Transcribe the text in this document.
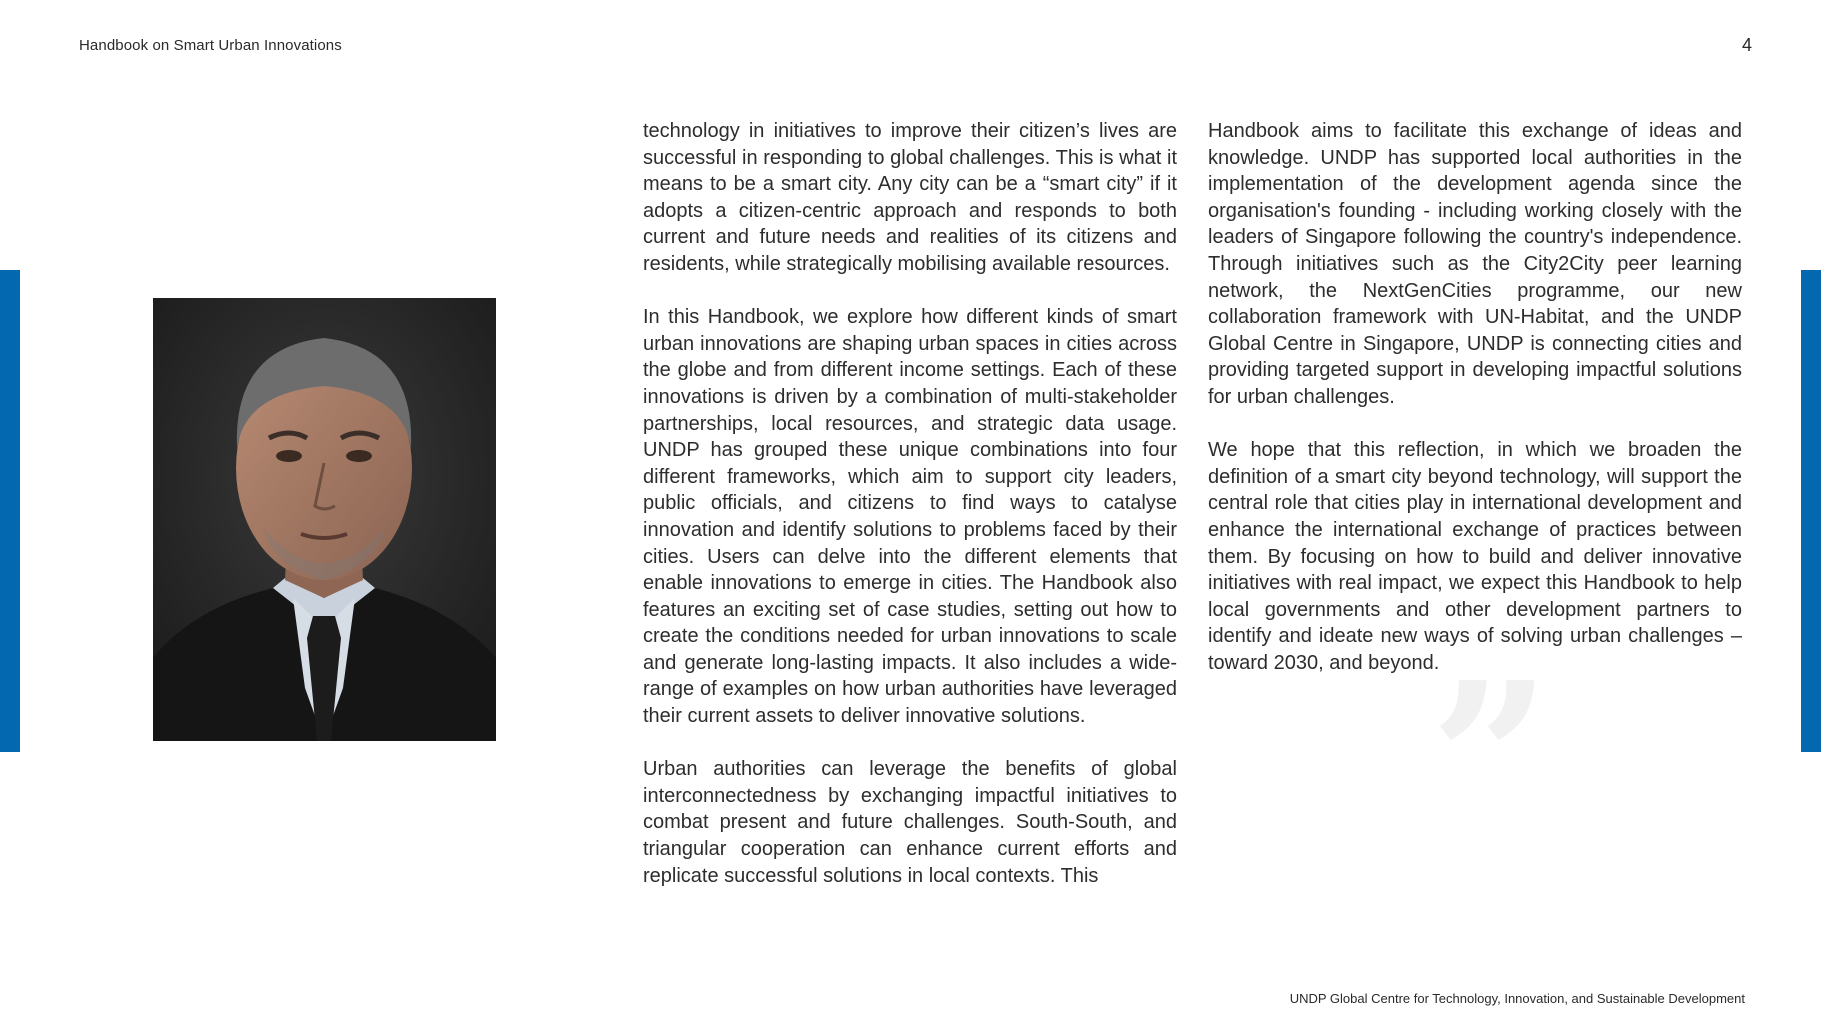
Handbook on Smart Urban Innovations	4

technology in initiatives to improve their citizen’s lives are successful in responding to global challenges. This is what it means to be a smart city. Any city can be a “smart city” if it adopts a citizen-centric approach and responds to both current and future needs and realities of its citizens and residents, while strategically mobilising available resources.

In this Handbook, we explore how different kinds of smart urban innovations are shaping urban spaces in cities across the globe and from different income settings. Each of these innovations is driven by a combination of multi-stakeholder partnerships, local resources, and strategic data usage. UNDP has grouped these unique combinations into four different frameworks, which aim to support city leaders, public officials, and citizens to find ways to catalyse innovation and identify solutions to problems faced by their cities. Users can delve into the different elements that enable innovations to emerge in cities. The Handbook also features an exciting set of case studies, setting out how to create the conditions needed for urban innovations to scale and generate long-lasting impacts. It also includes a wide-range of examples on how urban authorities have leveraged their current assets to deliver innovative solutions.

Urban authorities can leverage the benefits of global interconnectedness by exchanging impactful initiatives to combat present and future challenges. South-South, and triangular cooperation can enhance current efforts and replicate successful solutions in local contexts. This

Handbook aims to facilitate this exchange of ideas and knowledge. UNDP has supported local authorities in the implementation of the development agenda since the organisation's founding - including working closely with the leaders of Singapore following the country's independence. Through initiatives such as the City2City peer learning network, the NextGenCities programme, our new collaboration framework with UN-Habitat, and the UNDP Global Centre in Singapore, UNDP is connecting cities and providing targeted support in developing impactful solutions for urban challenges.

We hope that this reflection, in which we broaden the definition of a smart city beyond technology, will support the central role that cities play in international development and enhance the international exchange of practices between them. By focusing on how to build and deliver innovative initiatives with real impact, we expect this Handbook to help local governments and other development partners to identify and ideate new ways of solving urban challenges – toward 2030, and beyond.

”
UNDP Global Centre for Technology, Innovation, and Sustainable Development
